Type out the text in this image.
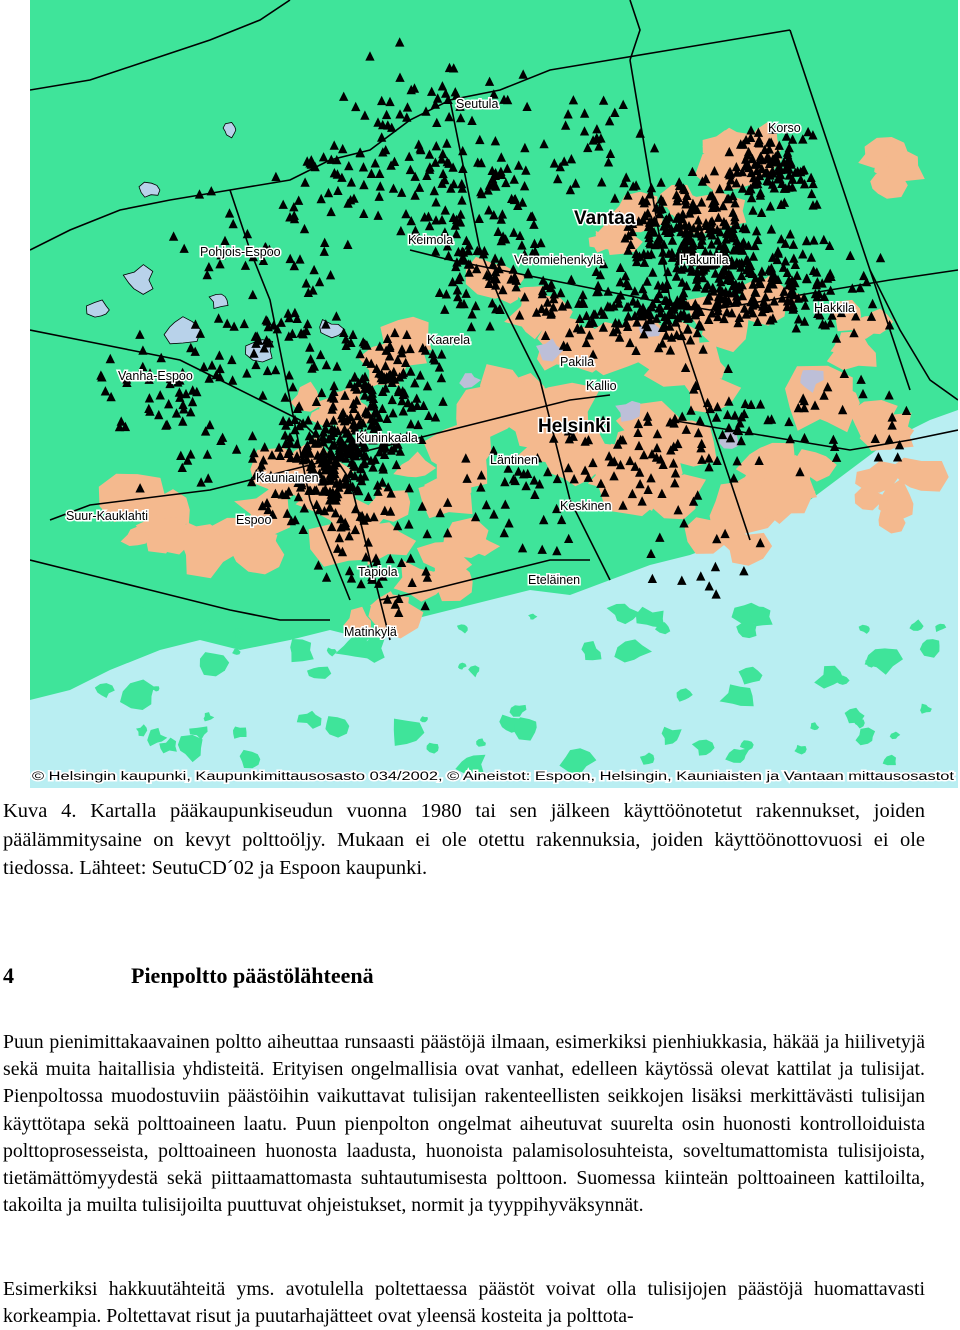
Seutula
Korso
Vantaa
Keimola
Pohjois-Espoo
Veromiehenkylä	Hakunila
Hakkila
Kaarela
Vanha-Espoo
Pakila
Kallio
Helsinki
Kuninkaala
Läntinen
Kauniainen
Suur-Kauklahti	Espoo
Keskinen
Tapiola
Eteläinen
Matinkylä
© Helsingin kaupunki, Kaupunkimittausosasto 034/2002, © Aineistot: Espoon, Helsingin, Kauniaisten ja Vantaan mittausosastot
Kuva 4. Kartalla pääkaupunkiseudun vuonna 1980 tai sen jälkeen käyttöönotetut rakennukset, joiden päälämmitysaine on kevyt polttoöljy. Mukaan ei ole otettu rakennuksia, joiden käyttöönottovuosi ei ole tiedossa. Lähteet: SeutuCD´02 ja Espoon kaupunki.
4	Pienpoltto päästölähteenä

Puun pienimittakaavainen poltto aiheuttaa runsaasti päästöjä ilmaan, esimerkiksi pienhiukkasia, häkää ja hiilivetyjä sekä muita haitallisia yhdisteitä. Erityisen ongelmallisia ovat vanhat, edelleen käytössä olevat kattilat ja tulisijat. Pienpoltossa muodostuviin päästöihin vaikuttavat tulisijan rakenteellisten seikkojen lisäksi merkittävästi tulisijan käyttötapa sekä polttoaineen laatu. Puun pienpolton ongelmat aiheutuvat suurelta osin huonosti kontrolloiduista polttoprosesseista, polttoaineen huonosta laadusta, huonoista palamisolosuhteista, soveltumattomista tulisijoista, tietämättömyydestä sekä piittaamattomasta suhtautumisesta polttoon. Suomessa kiinteän polttoaineen kattiloilta, takoilta ja muilta tulisijoilta puuttuvat ohjeistukset, normit ja tyyppihyväksynnät.

Esimerkiksi hakkuutähteitä yms. avotulella poltettaessa päästöt voivat olla tulisijojen päästöjä huomattavasti korkeampia. Poltettavat risut ja puutarhajätteet ovat yleensä kosteita ja polttota-
